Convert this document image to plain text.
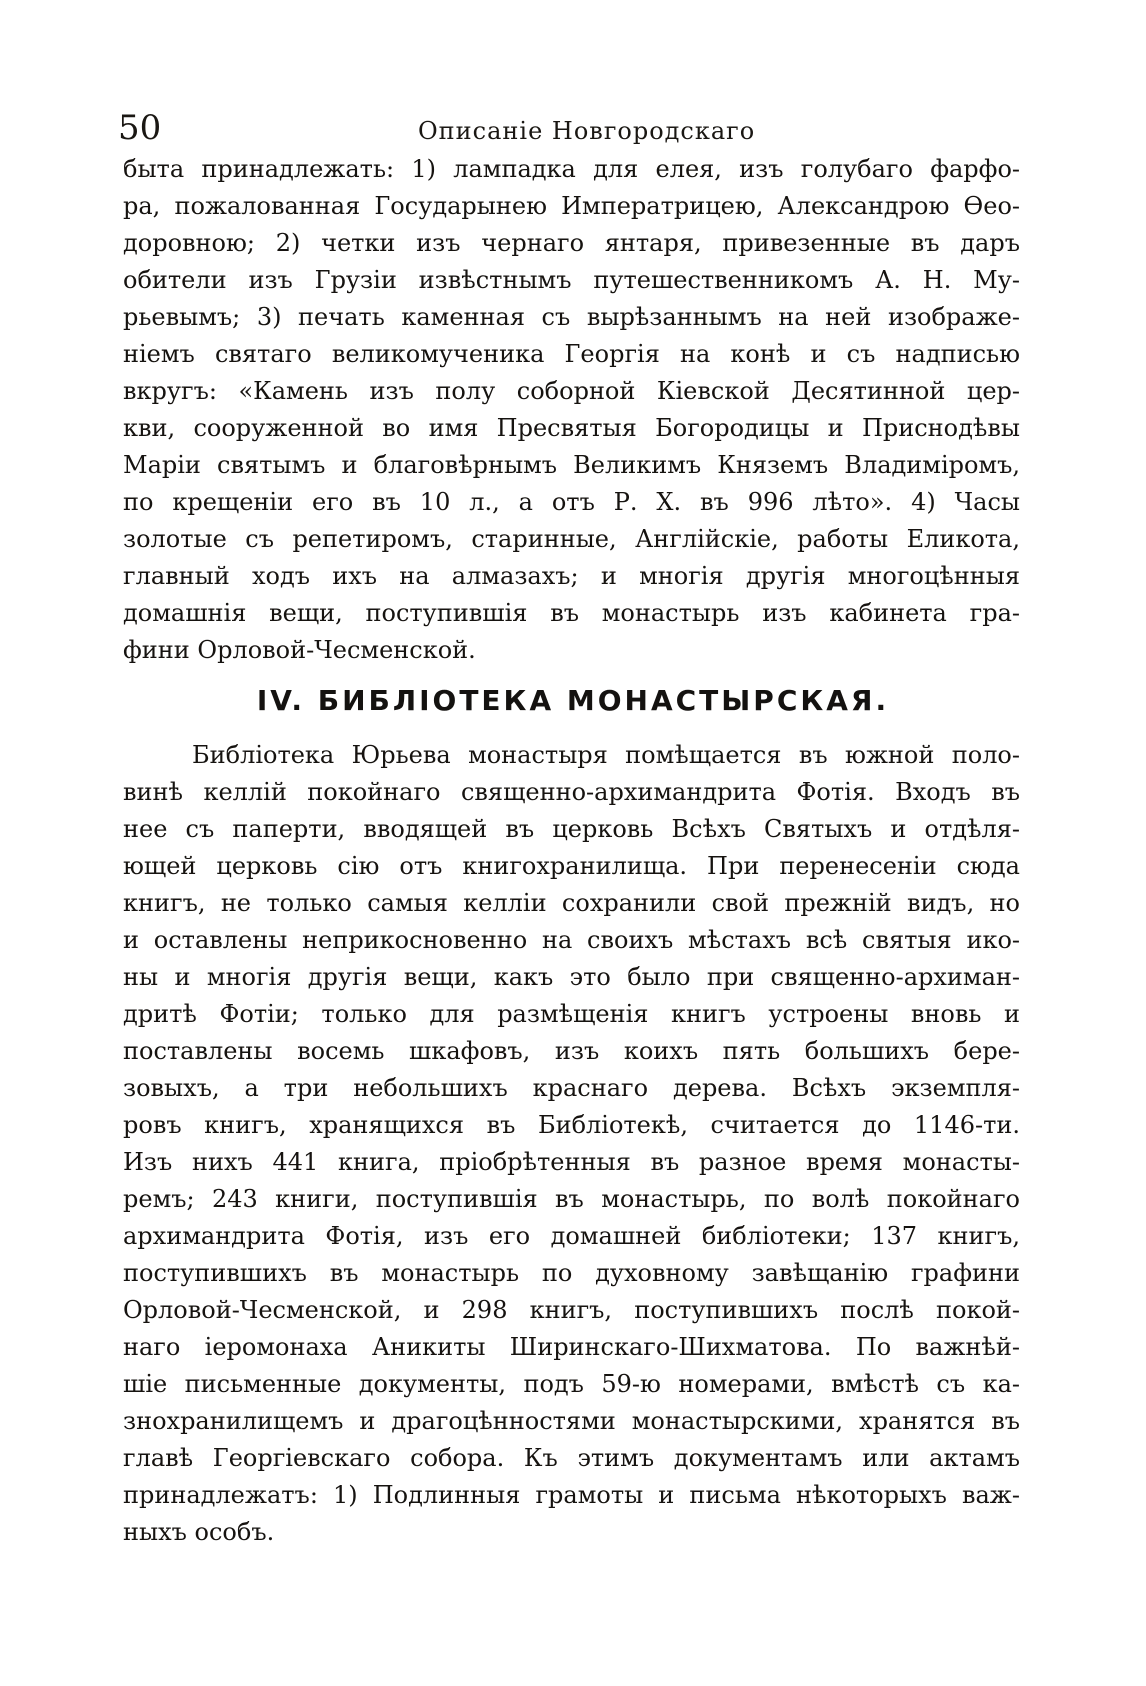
50	Описаніе Новгородскаго
быта принадлежать: 1) лампадка для елея, изъ голубаго фарфо-
ра, пожалованная Государынею Императрицею, Александрою Ѳео-
доровною; 2) четки изъ чернаго янтаря, привезенные въ даръ
обители изъ Грузіи извѣстнымъ путешественникомъ А. Н. Му-
рьевымъ; 3) печать каменная съ вырѣзаннымъ на ней изображе-
ніемъ святаго великомученика Георгія на конѣ и съ надписью
вкругъ: «Камень изъ полу соборной Кіевской Десятинной цер-
кви, сооруженной во имя Пресвятыя Богородицы и Приснодѣвы
Маріи святымъ и благовѣрнымъ Великимъ Княземъ Владиміромъ,
по крещеніи его въ 10 л., а отъ Р. Х. въ 996 лѣто». 4) Часы
золотые съ репетиромъ, старинные, Англійскіе, работы Еликота,
главный ходъ ихъ на алмазахъ; и многія другія многоцѣнныя
домашнія вещи, поступившія въ монастырь изъ кабинета гра-
фини Орловой-Чесменской.
IV. БИБЛІОТЕКА МОНАСТЫРСКАЯ.
Библіотека Юрьева монастыря помѣщается въ южной поло-
винѣ келлій покойнаго священно-архимандрита Фотія. Входъ въ
нее съ паперти, вводящей въ церковь Всѣхъ Святыхъ и отдѣля-
ющей церковь сію отъ книгохранилища. При перенесеніи сюда
книгъ, не только самыя келліи сохранили свой прежній видъ, но
и оставлены неприкосновенно на своихъ мѣстахъ всѣ святыя ико-
ны и многія другія вещи, какъ это было при священно-архиман-
дритѣ Фотіи; только для размѣщенія книгъ устроены вновь и
поставлены восемь шкафовъ, изъ коихъ пять большихъ бере-
зовыхъ, а три небольшихъ краснаго дерева. Всѣхъ экземпля-
ровъ книгъ, хранящихся въ Библіотекѣ, считается до 1146-ти.
Изъ нихъ 441 книга, пріобрѣтенныя въ разное время монасты-
ремъ; 243 книги, поступившія въ монастырь, по волѣ покойнаго
архимандрита Фотія, изъ его домашней библіотеки; 137 книгъ,
поступившихъ въ монастырь по духовному завѣщанію графини
Орловой-Чесменской, и 298 книгъ, поступившихъ послѣ покой-
наго іеромонаха Аникиты Ширинскаго-Шихматова. По важнѣй-
шіе письменные документы, подъ 59-ю номерами, вмѣстѣ съ ка-
знохранилищемъ и драгоцѣнностями монастырскими, хранятся въ
главѣ Георгіевскаго собора. Къ этимъ документамъ или актамъ
принадлежатъ: 1) Подлинныя грамоты и письма нѣкоторыхъ важ-
ныхъ особъ.
